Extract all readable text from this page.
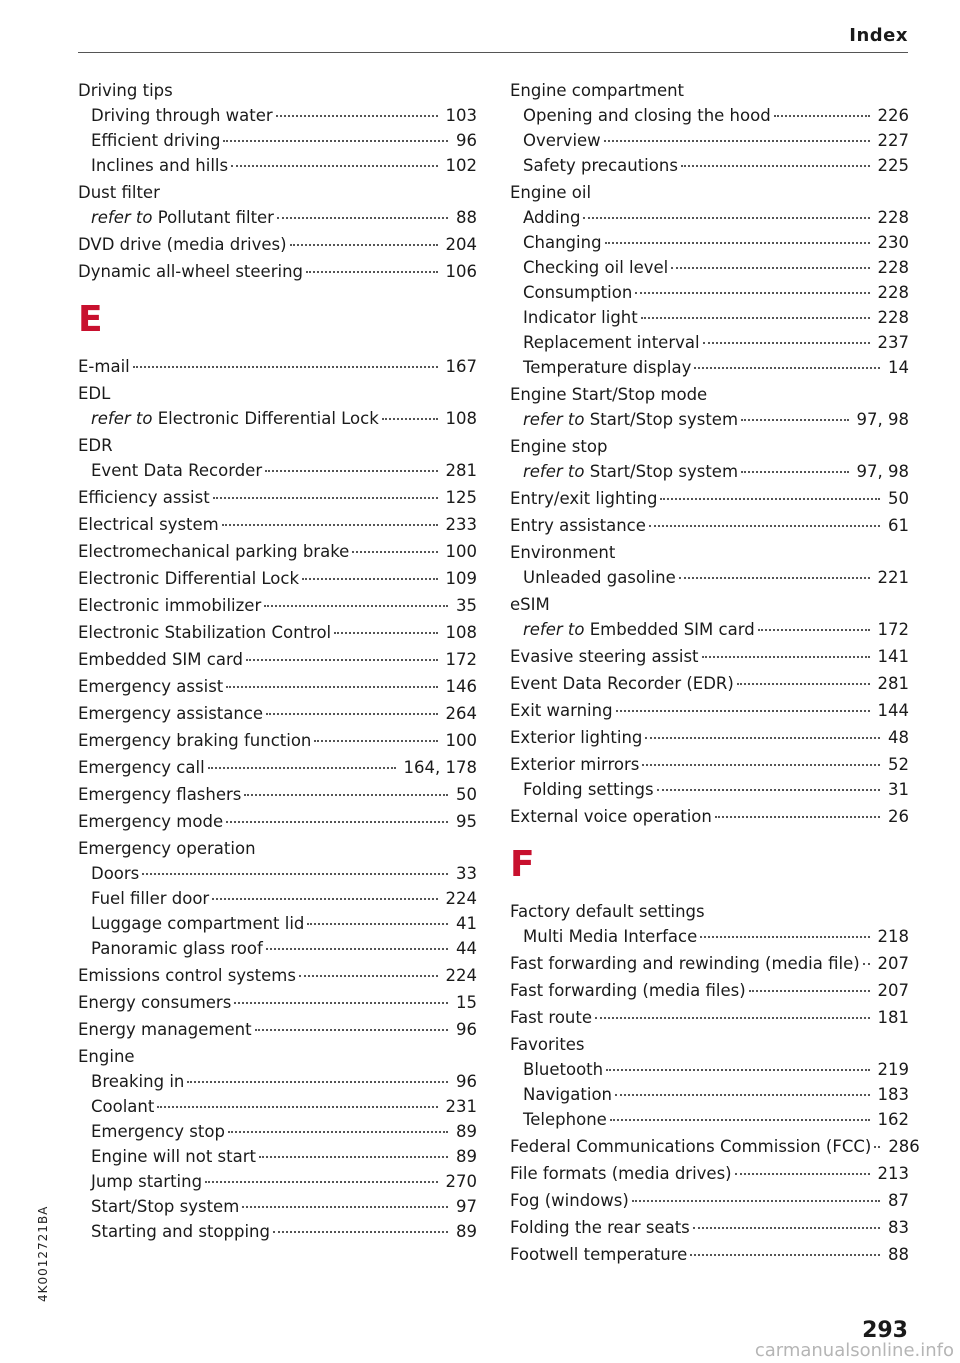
Index
Driving tips
Driving through water	103
Efficient driving	96
Inclines and hills	102
Dust filter
refer to Pollutant filter	88
DVD drive (media drives)	204
Dynamic all-wheel steering	106
E
E-mail	167
EDL
refer to Electronic Differential Lock	108
EDR
Event Data Recorder	281
Efficiency assist	125
Electrical system	233
Electromechanical parking brake	100
Electronic Differential Lock	109
Electronic immobilizer	35
Electronic Stabilization Control	108
Embedded SIM card	172
Emergency assist	146
Emergency assistance	264
Emergency braking function	100
Emergency call	164, 178
Emergency flashers	50
Emergency mode	95
Emergency operation
Doors	33
Fuel filler door	224
Luggage compartment lid	41
Panoramic glass roof	44
Emissions control systems	224
Energy consumers	15
Energy management	96
Engine
Breaking in	96
Coolant	231
Emergency stop	89
Engine will not start	89
Jump starting	270
Start/Stop system	97
Starting and stopping	89
Engine compartment
Opening and closing the hood	226
Overview	227
Safety precautions	225
Engine oil
Adding	228
Changing	230
Checking oil level	228
Consumption	228
Indicator light	228
Replacement interval	237
Temperature display	14
Engine Start/Stop mode
refer to Start/Stop system	97, 98
Engine stop
refer to Start/Stop system	97, 98
Entry/exit lighting	50
Entry assistance	61
Environment
Unleaded gasoline	221
eSIM
refer to Embedded SIM card	172
Evasive steering assist	141
Event Data Recorder (EDR)	281
Exit warning	144
Exterior lighting	48
Exterior mirrors	52
Folding settings	31
External voice operation	26
F
Factory default settings
Multi Media Interface	218
Fast forwarding and rewinding (media file) 207
Fast forwarding (media files)	207
Fast route	181
Favorites
Bluetooth	219
Navigation	183
Telephone	162
Federal Communications Commission (FCC) 286
File formats (media drives)	213
Fog (windows)	87
Folding the rear seats	83
Footwell temperature	88
4K0012721BA
293
carmanualsonline.info
